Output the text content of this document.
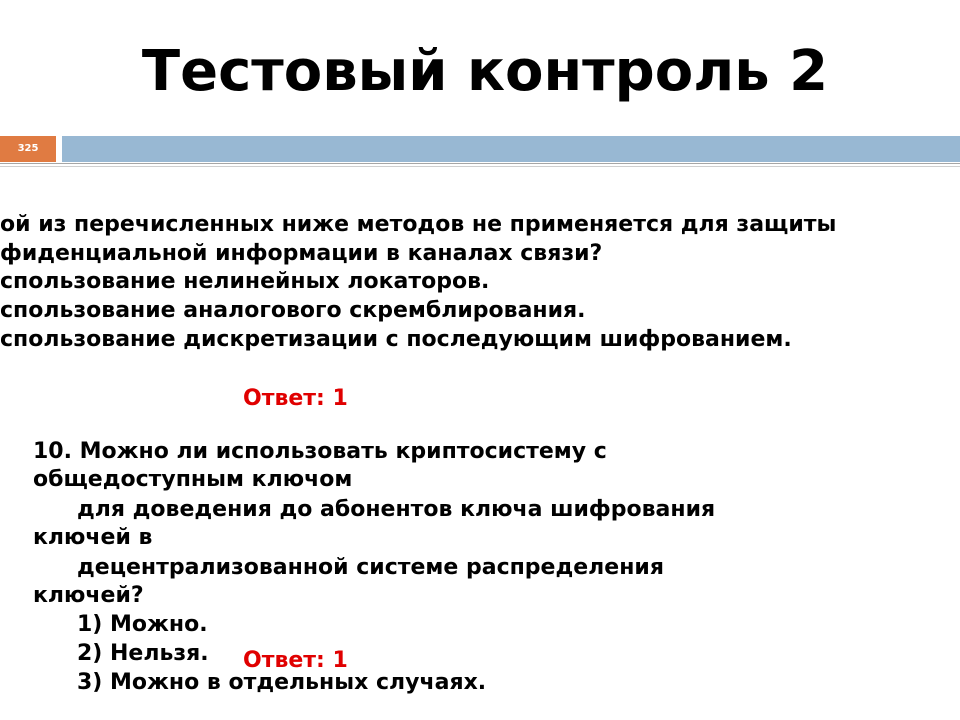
Тестовый контроль 2
325
ой из перечисленных ниже методов не применяется для защиты
фиденциальной информации в каналах связи?
спользование нелинейных локаторов.
спользование аналогового скремблирования.
спользование дискретизации с последующим шифрованием.
Ответ: 1
10. Можно ли использовать криптосистему с
общедоступным ключом
для доведения до абонентов ключа шифрования
ключей в
децентрализованной системе распределения
ключей?
1) Можно.
2) Нельзя.
3) Можно в отдельных случаях.
Ответ: 1
